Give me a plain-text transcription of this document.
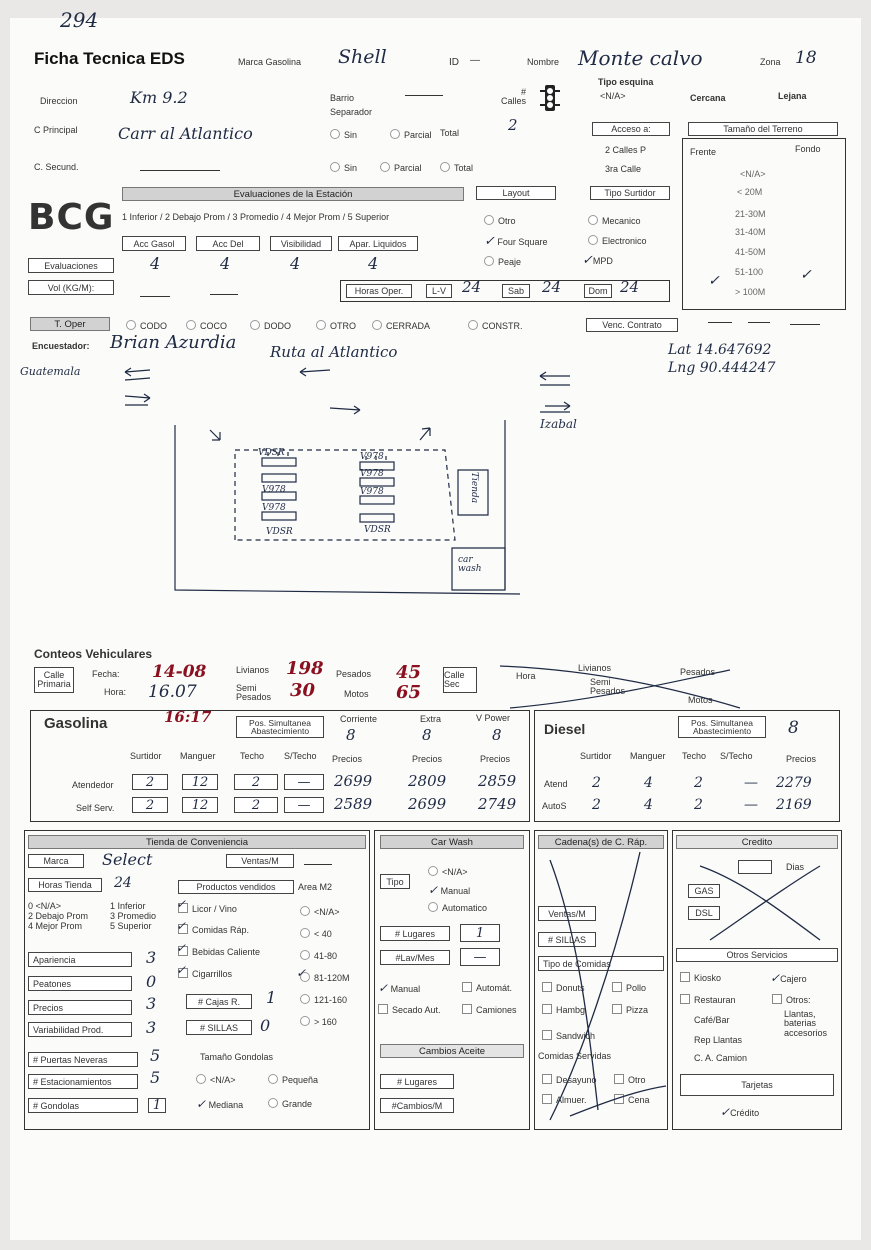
294
Ficha Tecnica EDS	Marca Gasolina Shell	ID —	Nombre Monte calvo	Zona 18
Direccion	Km 9.2	Barrio
Separador
# Calles
Tipo esquina
<N/A>	Cercana	Lejana
C Principal	Carr al Atlantico	Sin	Parcial Total	2	Acceso a:	Tamaño del Terreno
Frente	Fondo
C. Secund.	Sin	Parcial	Total
2 Calles P
3ra Calle	<N/A>
< 20M
21-30M
31-40M
41-50M
51-100
> 100M
BCG
Evaluaciones de la Estación
1 Inferior / 2 Debajo Prom / 3 Promedio / 4 Mejor Prom / 5 Superior
Acc Gasol	Acc Del	Visibilidad	Apar. Liquidos
Evaluaciones
Vol (KG/M):
4	4	4	4
Layout	Tipo Surtidor
Otro
✓ Four Square
Peaje
Mecanico
Electronico
✓MPD
✓	✓
Horas Oper.	L-V	24	Sab	24	Dom 24
T. Oper	CODO	COCO	DODO	OTRO	CERRADA	CONSTR.	Venc. Contrato
Encuestador: Brian Azurdia Ruta al Atlantico	Lat 14.647692
Lng 90.444247
Guatemala
Izabal
VDSR
V978
V978
V978
V978
V978
VDSR	VDSR
Tienda
car wash
Conteos Vehiculares
Calle Primaria
Fecha: 14-08
Hora: 16.07
Livianos 198
Semi Pesados 30
Pesados 45
Motos 65
Calle Sec
Hora
Livianos
Semi Pesados
Pesados
Motos
Gasolina	16:17	Pos. Simultanea Abastecimiento
Corriente	Extra	V Power
8	8	8
Surtidor Manguer	Techo S/Techo Precios	Precios	Precios
Atendedor 2	12	2	— 2699 2809 2859
Self Serv. 2	12	2	— 2589 2699 2749
Diesel	Pos. Simultanea Abastecimiento	8
Surtidor Manguer Techo S/Techo	Precios
Atend 2	4	2	— 2279
AutoS 2	4	2	— 2169
Tienda de Conveniencia
Marca	Select	Ventas/M
Horas Tienda	24	Productos vendidos	Area M2
0 <N/A>	1 Inferior
2 Debajo Prom 3 Promedio
4 Mejor Prom	5 Superior
Licor / Vino
Comidas Ráp.
Bebidas Caliente
Cigarrillos
<N/A>
< 40
41-80
81-120M
121-160
> 160
✓
✓
✓
✓	✓
Apariencia	3
Peatones	0
Precios	3
Variabilidad Prod.	3
# Cajas R.	1
# SILLAS	0
# Puertas Neveras	5
# Estacionamientos	5
# Gondolas	1
Tamaño Gondolas
<N/A>	Pequeña
✓ Mediana	Grande
Car Wash
Tipo
<N/A>
✓ Manual
Automatico
# Lugares	1
#Lav/Mes	—
✓ Manual	Automát.
Secado Aut.	Camiones
Cambios Aceite
# Lugares
#Cambios/M
Cadena(s) de C. Ráp.
Ventas/M
# SILLAS
Tipo de Comidas
Donuts	Pollo
Hambg	Pizza
Sandwich
Comidas Servidas
Desayuno	Otro
Almuer.	Cena
Credito
Dias
GAS
DSL
Otros Servicios
Kiosko	✓Cajero
Restauran	Otros:
Café/Bar
Llantas, baterias accesorios
Rep Llantas
C. A. Camion
Tarjetas
✓Crédito
